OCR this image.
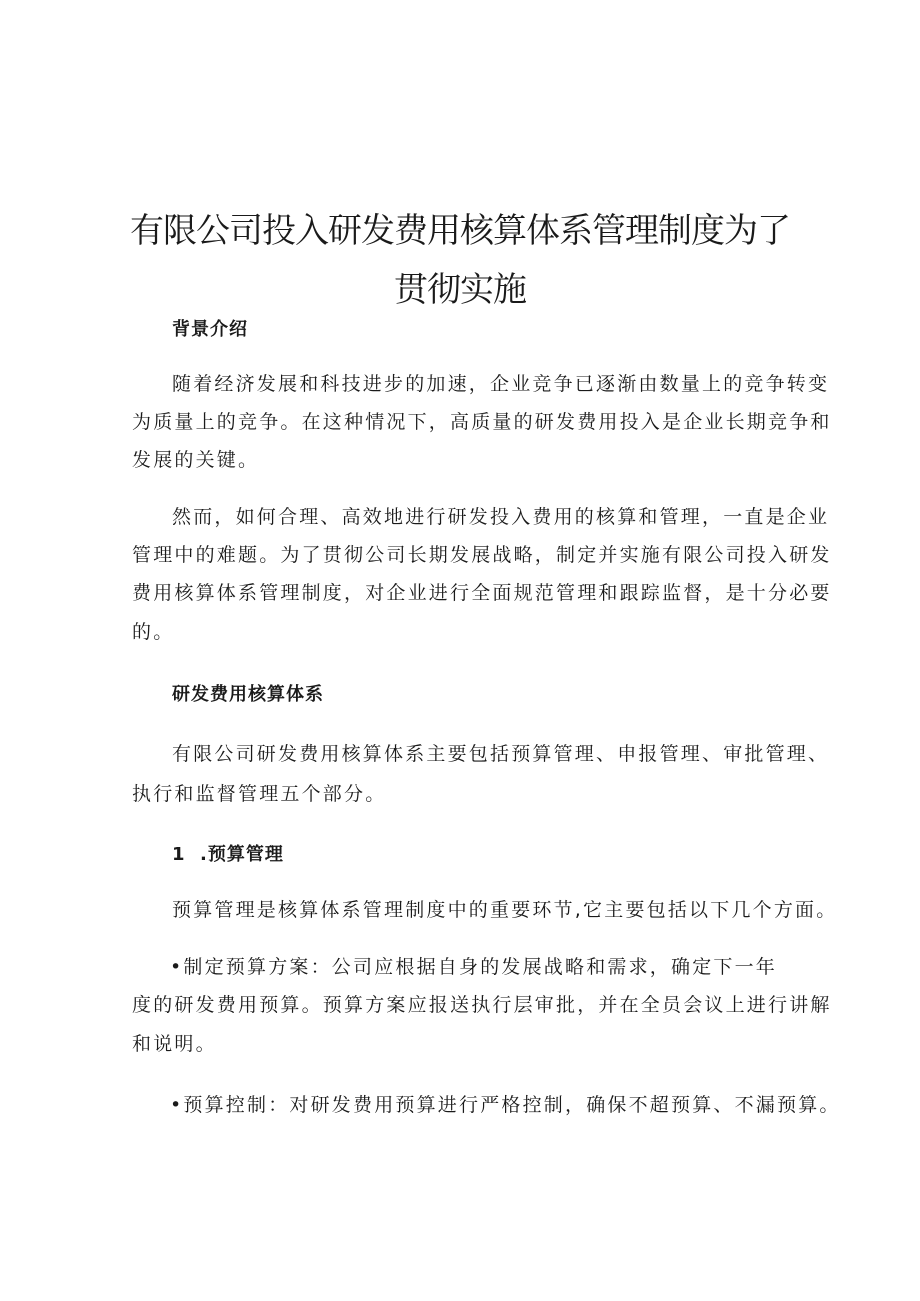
有限公司投入研发费用核算体系管理制度为了
贯彻实施
背景介绍
随着经济发展和科技进步的加速，企业竞争已逐渐由数量上的竞争转变
为质量上的竞争。在这种情况下，高质量的研发费用投入是企业长期竞争和
发展的关键。
然而，如何合理、高效地进行研发投入费用的核算和管理，一直是企业
管理中的难题。为了贯彻公司长期发展战略，制定并实施有限公司投入研发
费用核算体系管理制度，对企业进行全面规范管理和跟踪监督，是十分必要
的。
研发费用核算体系
有限公司研发费用核算体系主要包括预算管理、申报管理、审批管理、
执行和监督管理五个部分。
1  .预算管理
预算管理是核算体系管理制度中的重要环节,它主要包括以下几个方面。
•制定预算方案：公司应根据自身的发展战略和需求，确定下一年
度的研发费用预算。预算方案应报送执行层审批，并在全员会议上进行讲解
和说明。
•预算控制：对研发费用预算进行严格控制，确保不超预算、不漏预算。
